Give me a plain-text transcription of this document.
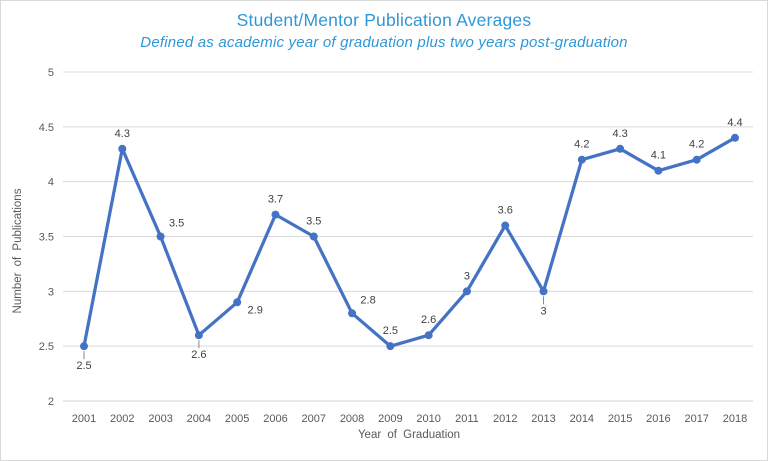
Student/Mentor Publication Averages
Defined as academic year of graduation plus two years post-graduation
5
4.5
4
3.5
3
2.5
2
2001 2002 2003 2004 2005 2006 2007 2008 2009 2010 2011 2012 2013 2014 2015 2016 2017 2018
2.5
4.3
3.5
2.6
2.9
3.7
3.5
2.8
2.5
2.6
3
3.6
3
4.2
4.3
4.1
4.2
4.4
Year of Graduation
Number of Publications
